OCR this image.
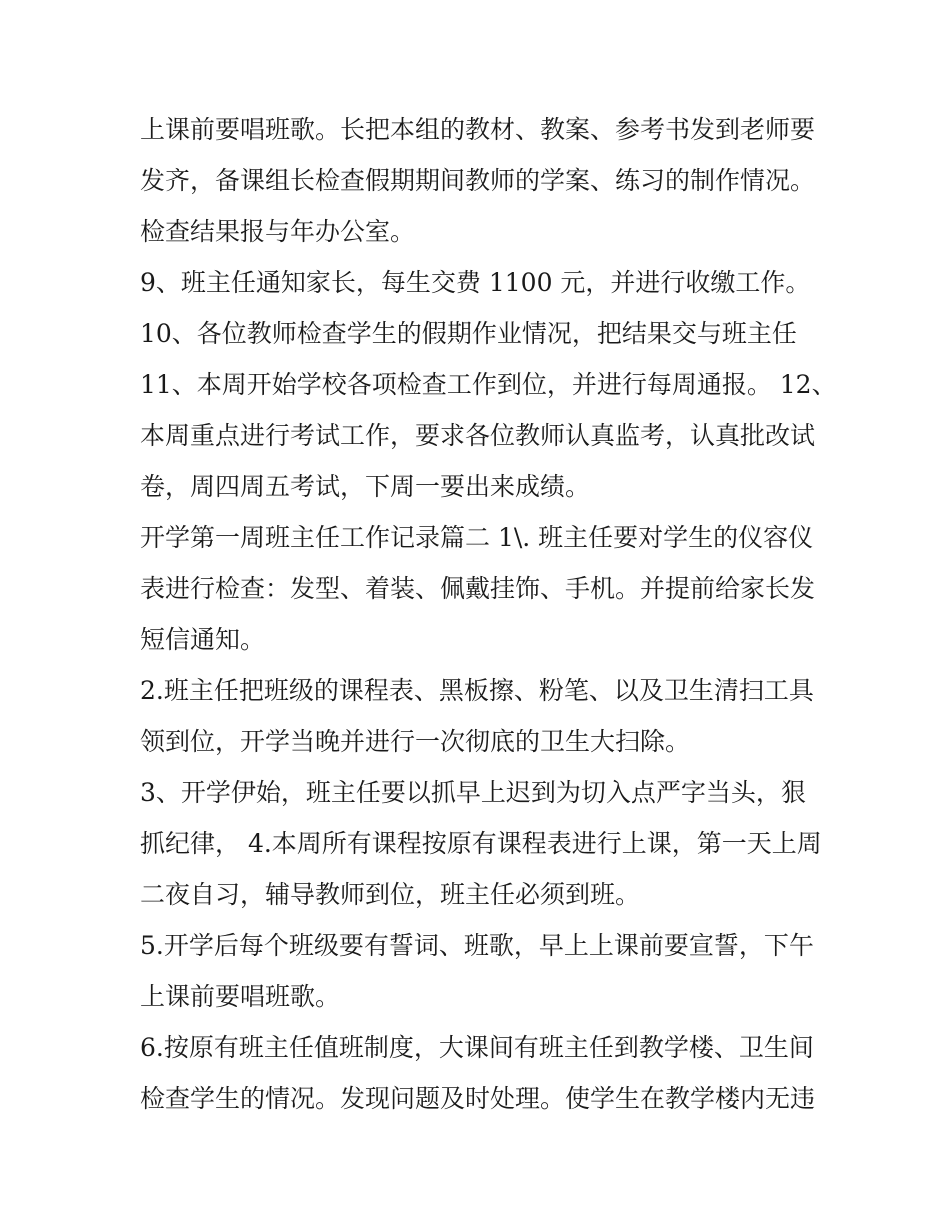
上课前要唱班歌。长把本组的教材、教案、参考书发到老师要
发齐，备课组长检查假期期间教师的学案、练习的制作情况。
检查结果报与年办公室。
9、班主任通知家长，每生交费 1100 元，并进行收缴工作。
10、各位教师检查学生的假期作业情况，把结果交与班主任
11、本周开始学校各项检查工作到位，并进行每周通报。 12、
本周重点进行考试工作，要求各位教师认真监考，认真批改试
卷，周四周五考试，下周一要出来成绩。
开学第一周班主任工作记录篇二 1\. 班主任要对学生的仪容仪
表进行检查：发型、着装、佩戴挂饰、手机。并提前给家长发
短信通知。
2.班主任把班级的课程表、黑板擦、粉笔、以及卫生清扫工具
领到位，开学当晚并进行一次彻底的卫生大扫除。
3、开学伊始，班主任要以抓早上迟到为切入点严字当头，狠
抓纪律， 4.本周所有课程按原有课程表进行上课，第一天上周
二夜自习，辅导教师到位，班主任必须到班。
5.开学后每个班级要有誓词、班歌，早上上课前要宣誓，下午
上课前要唱班歌。
6.按原有班主任值班制度，大课间有班主任到教学楼、卫生间
检查学生的情况。发现问题及时处理。使学生在教学楼内无违
